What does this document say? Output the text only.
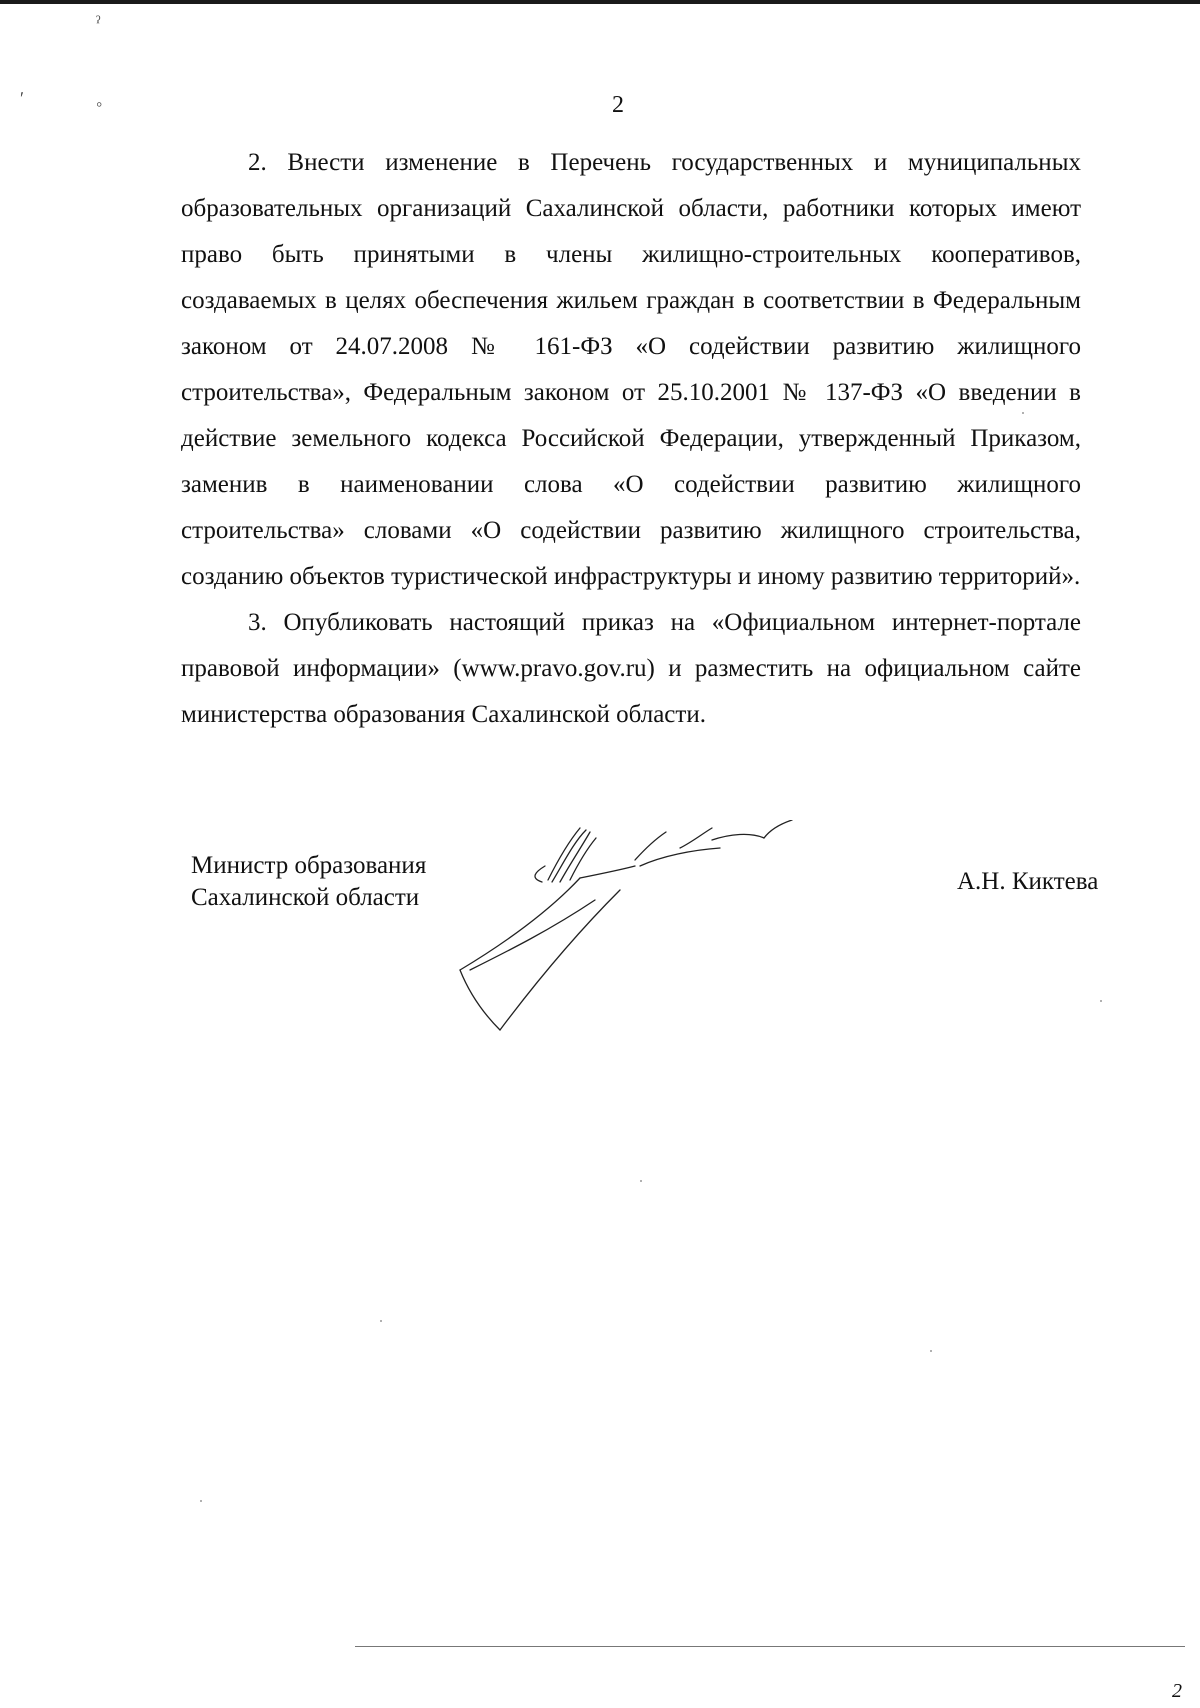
ˀ
ʹ	◦	2

2. Внести изменение в Перечень государственных и муниципальных образовательных организаций Сахалинской области, работники которых имеют право быть принятыми в члены жилищно-строительных кооперативов, создаваемых в целях обеспечения жильем граждан в соответствии в Федеральным законом от 24.07.2008 № 161-ФЗ «О содействии развитию жилищного строительства», Федеральным законом от 25.10.2001 № 137-ФЗ «О введении в действие земельного кодекса Российской Федерации, утвержденный Приказом, заменив в наименовании слова «О содействии развитию жилищного строительства» словами «О содействии развитию жилищного строительства, созданию объектов туристической инфраструктуры и иному развитию территорий».

3. Опубликовать настоящий приказ на «Официальном интернет-портале правовой информации» (www.pravo.gov.ru) и разместить на официальном сайте министерства образования Сахалинской области.

Министр образования
Сахалинской области
А.Н. Киктева
2
